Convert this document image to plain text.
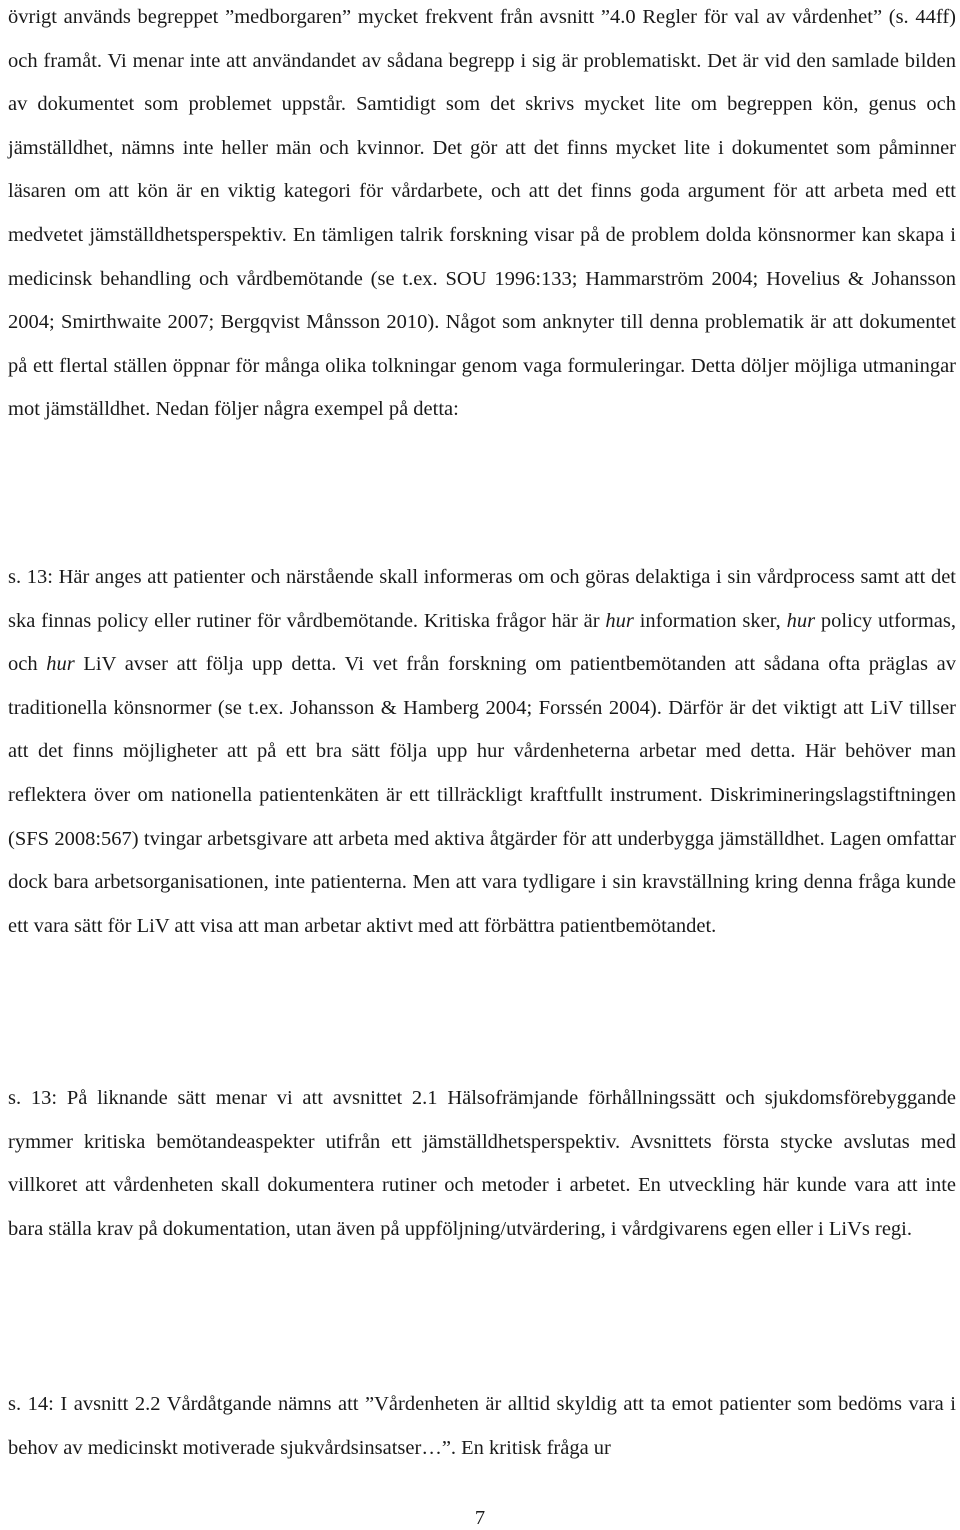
övrigt används begreppet ”medborgaren” mycket frekvent från avsnitt ”4.0 Regler för val av vårdenhet” (s. 44ff) och framåt. Vi menar inte att användandet av sådana begrepp i sig är problematiskt. Det är vid den samlade bilden av dokumentet som problemet uppstår. Samtidigt som det skrivs mycket lite om begreppen kön, genus och jämställdhet, nämns inte heller män och kvinnor. Det gör att det finns mycket lite i dokumentet som påminner läsaren om att kön är en viktig kategori för vårdarbete, och att det finns goda argument för att arbeta med ett medvetet jämställdhetsperspektiv. En tämligen talrik forskning visar på de problem dolda könsnormer kan skapa i medicinsk behandling och vårdbemötande (se t.ex. SOU 1996:133; Hammarström 2004; Hovelius & Johansson 2004; Smirthwaite 2007; Bergqvist Månsson 2010). Något som anknyter till denna problematik är att dokumentet på ett flertal ställen öppnar för många olika tolkningar genom vaga formuleringar. Detta döljer möjliga utmaningar mot jämställdhet. Nedan följer några exempel på detta:

s. 13: Här anges att patienter och närstående skall informeras om och göras delaktiga i sin vårdprocess samt att det ska finnas policy eller rutiner för vårdbemötande. Kritiska frågor här är hur information sker, hur policy utformas, och hur LiV avser att följa upp detta. Vi vet från forskning om patientbemötanden att sådana ofta präglas av traditionella könsnormer (se t.ex. Johansson & Hamberg 2004; Forssén 2004). Därför är det viktigt att LiV tillser att det finns möjligheter att på ett bra sätt följa upp hur vårdenheterna arbetar med detta. Här behöver man reflektera över om nationella patientenkäten är ett tillräckligt kraftfullt instrument. Diskrimineringslagstiftningen (SFS 2008:567) tvingar arbetsgivare att arbeta med aktiva åtgärder för att underbygga jämställdhet. Lagen omfattar dock bara arbetsorganisationen, inte patienterna. Men att vara tydligare i sin kravställning kring denna fråga kunde ett vara sätt för LiV att visa att man arbetar aktivt med att förbättra patientbemötandet.

s. 13: På liknande sätt menar vi att avsnittet 2.1 Hälsofrämjande förhållningssätt och sjukdomsförebyggande rymmer kritiska bemötandeaspekter utifrån ett jämställdhetsperspektiv. Avsnittets första stycke avslutas med villkoret att vårdenheten skall dokumentera rutiner och metoder i arbetet. En utveckling här kunde vara att inte bara ställa krav på dokumentation, utan även på uppföljning/utvärdering, i vårdgivarens egen eller i LiVs regi.

s. 14: I avsnitt 2.2 Vårdåtgande nämns att ”Vårdenheten är alltid skyldig att ta emot patienter som bedöms vara i behov av medicinskt motiverade sjukvårdsinsatser…”. En kritisk fråga ur

7
